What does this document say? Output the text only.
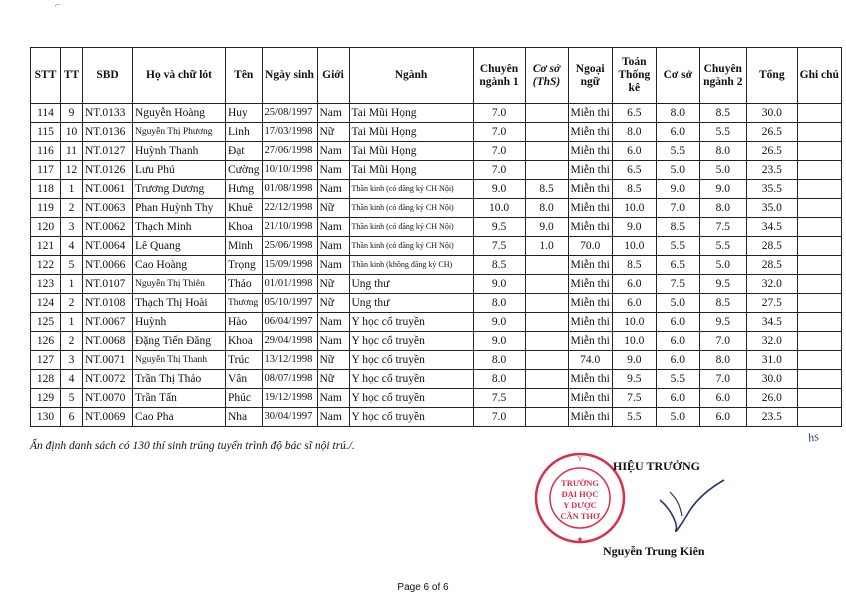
⌐
STT	TT	SBD	Họ và chữ lót	Tên	Ngày sinh	Giới	Ngành	Chuyên ngành 1	Cơ sở (ThS)	Ngoại ngữ	Toán Thống kê	Cơ sở	Chuyên ngành 2	Tổng	Ghi chú
114	9	NT.0133	Nguyễn Hoàng	Huy	25/08/1997	Nam	Tai Mũi Họng	7.0		Miễn thi	6.5	8.0	8.5	30.0	
115	10	NT.0136	Nguyễn Thị Phương	Linh	17/03/1998	Nữ	Tai Mũi Họng	7.0		Miễn thi	8.0	6.0	5.5	26.5	
116	11	NT.0127	Huỳnh Thanh	Đạt	27/06/1998	Nam	Tai Mũi Họng	7.0		Miễn thi	6.0	5.5	8.0	26.5	
117	12	NT.0126	Lưu Phú	Cường	10/10/1998	Nam	Tai Mũi Họng	7.0		Miễn thi	6.5	5.0	5.0	23.5	
118	1	NT.0061	Trương Dương	Hưng	01/08/1998	Nam	Thần kinh (có đăng ký CH Nội)	9.0	8.5	Miễn thi	8.5	9.0	9.0	35.5	
119	2	NT.0063	Phan Huỳnh Thy	Khuê	22/12/1998	Nữ	Thần kinh (có đăng ký CH Nội)	10.0	8.0	Miễn thi	10.0	7.0	8.0	35.0	
120	3	NT.0062	Thạch Minh	Khoa	21/10/1998	Nam	Thần kinh (có đăng ký CH Nội)	9.5	9.0	Miễn thi	9.0	8.5	7.5	34.5	
121	4	NT.0064	Lê Quang	Minh	25/06/1998	Nam	Thần kinh (có đăng ký CH Nội)	7.5	1.0	70.0	10.0	5.5	5.5	28.5	
122	5	NT.0066	Cao Hoàng	Trọng	15/09/1998	Nam	Thần kinh (không đăng ký CH)	8.5		Miễn thi	8.5	6.5	5.0	28.5	
123	1	NT.0107	Nguyễn Thị Thiên	Thảo	01/01/1998	Nữ	Ung thư	9.0		Miễn thi	6.0	7.5	9.5	32.0	
124	2	NT.0108	Thạch Thị Hoài	Thương	05/10/1997	Nữ	Ung thư	8.0		Miễn thi	6.0	5.0	8.5	27.5	
125	1	NT.0067	Huỳnh	Hào	06/04/1997	Nam	Y học cổ truyền	9.0		Miễn thi	10.0	6.0	9.5	34.5	
126	2	NT.0068	Đặng Tiến Đăng	Khoa	29/04/1998	Nam	Y học cổ truyền	9.0		Miễn thi	10.0	6.0	7.0	32.0	
127	3	NT.0071	Nguyễn Thị Thanh	Trúc	13/12/1998	Nữ	Y học cổ truyền	8.0		74.0	9.0	6.0	8.0	31.0	
128	4	NT.0072	Trần Thị Thảo	Vân	08/07/1998	Nữ	Y học cổ truyền	8.0		Miễn thi	9.5	5.5	7.0	30.0	
129	5	NT.0070	Trần Tấn	Phúc	19/12/1998	Nam	Y học cổ truyền	7.5		Miễn thi	7.5	6.0	6.0	26.0	
130	6	NT.0069	Cao Pha	Nha	30/04/1997	Nam	Y học cổ truyền	7.0		Miễn thi	5.5	5.0	6.0	23.5	
Ấn định danh sách có 130 thí sinh trúng tuyển trình độ bác sĩ nội trú./.
hs
TRƯỜNG
ĐẠI HỌC
Y DƯỢC
CẦN THƠ
Y
★
HIỆU TRƯỞNG
Nguyễn Trung Kiên
Page 6 of 6
